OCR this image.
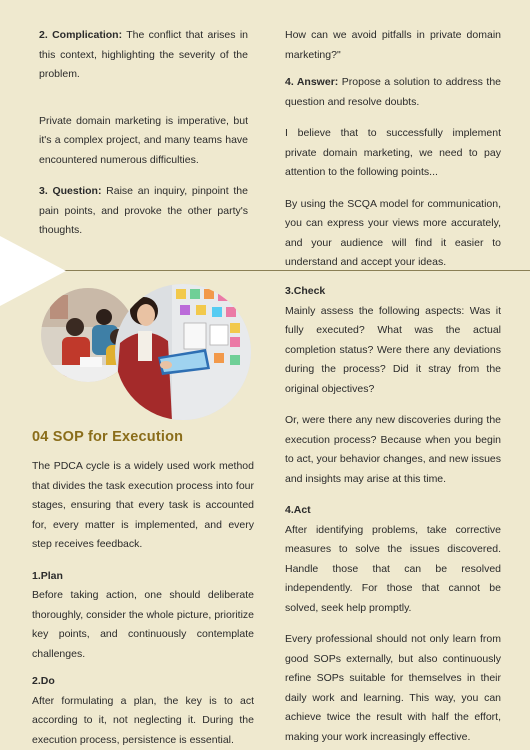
2. Complication: The conflict that arises in this context, highlighting the severity of the problem.

Private domain marketing is imperative, but it's a complex project, and many teams have encountered numerous difficulties.

3. Question: Raise an inquiry, pinpoint the pain points, and provoke the other party's thoughts.

How can we avoid pitfalls in private domain marketing?"

4. Answer: Propose a solution to address the question and resolve doubts.

I believe that to successfully implement private domain marketing, we need to pay attention to the following points...

By using the SCQA model for communication, you can express your views more accurately, and your audience will find it easier to understand and accept your ideas.

04 SOP for Execution

The PDCA cycle is a widely used work method that divides the task execution process into four stages, ensuring that every task is accounted for, every matter is implemented, and every step receives feedback.

1.Plan

Before taking action, one should deliberate thoroughly, consider the whole picture, prioritize key points, and continuously contemplate challenges.

2.Do

After formulating a plan, the key is to act according to it, not neglecting it. During the execution process, persistence is essential.

3.Check

Mainly assess the following aspects: Was it fully executed? What was the actual completion status? Were there any deviations during the process? Did it stray from the original objectives?

Or, were there any new discoveries during the execution process? Because when you begin to act, your behavior changes, and new issues and insights may arise at this time.

4.Act

After identifying problems, take corrective measures to solve the issues discovered. Handle those that can be resolved independently. For those that cannot be solved, seek help promptly.

Every professional should not only learn from good SOPs externally, but also continuously refine SOPs suitable for themselves in their daily work and learning. This way, you can achieve twice the result with half the effort, making your work increasingly effective.
